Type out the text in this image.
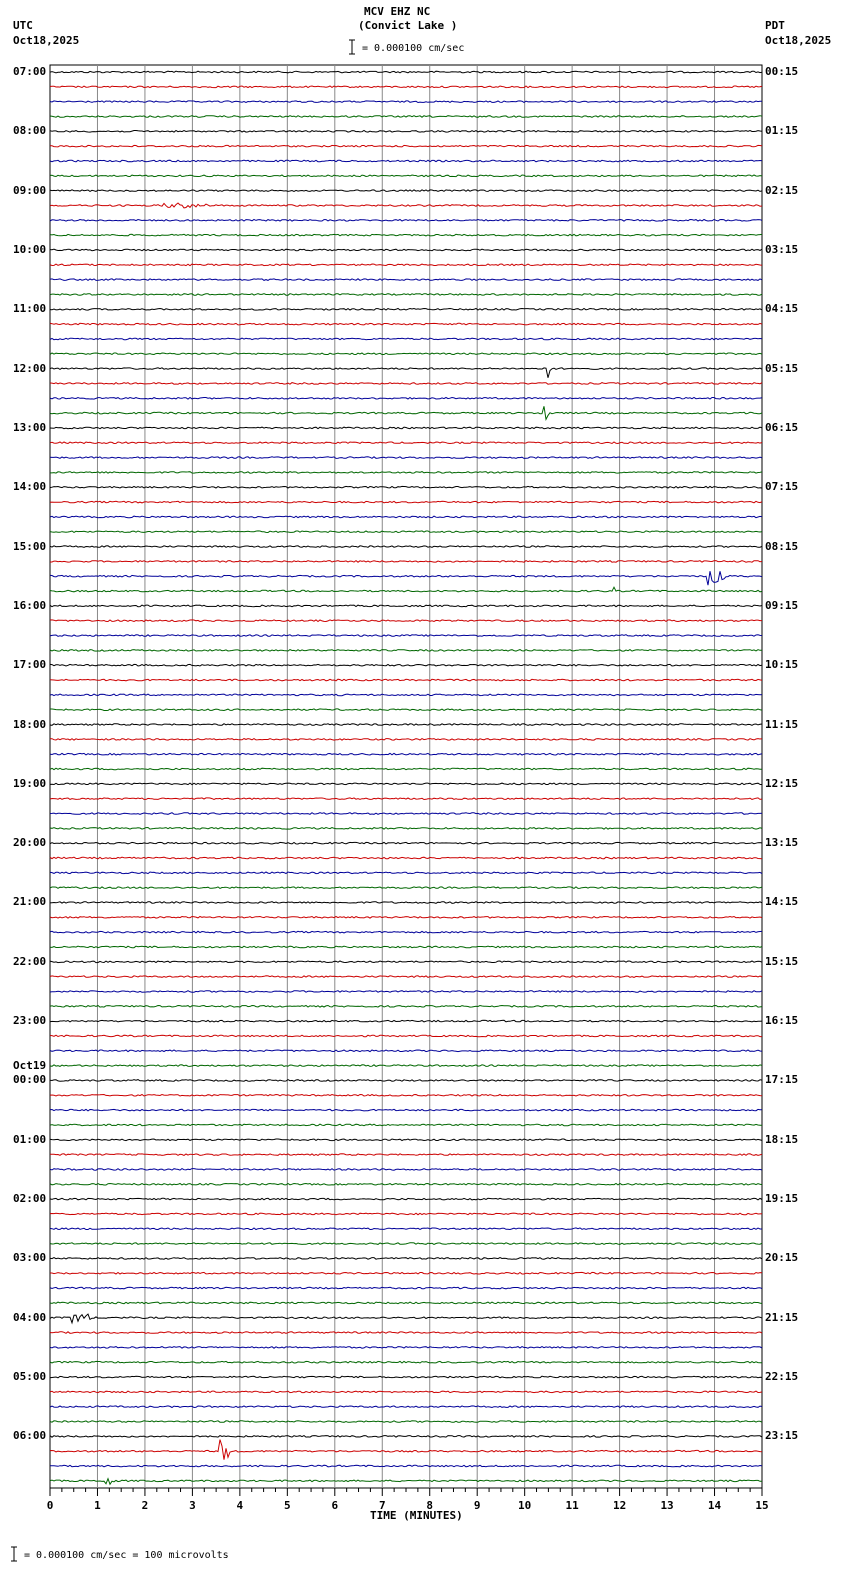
0	1	2	3	4	5	6	7	8	9	10	11	12	13	14	15
MCV EHZ NC
(Convict Lake )
UTC
Oct18,2025
PDT
Oct18,2025
= 0.000100 cm/sec
TIME (MINUTES)
= 0.000100 cm/sec = 100 microvolts
07:00
08:00
09:00
10:00
11:00
12:00
13:00
14:00
15:00
16:00
17:00
18:00
19:00
20:00
21:00
22:00
23:00
00:00
Oct19
01:00
02:00
03:00
04:00
05:00
06:00
00:15
01:15
02:15
03:15
04:15
05:15
06:15
07:15
08:15
09:15
10:15
11:15
12:15
13:15
14:15
15:15
16:15
17:15
18:15
19:15
20:15
21:15
22:15
23:15
